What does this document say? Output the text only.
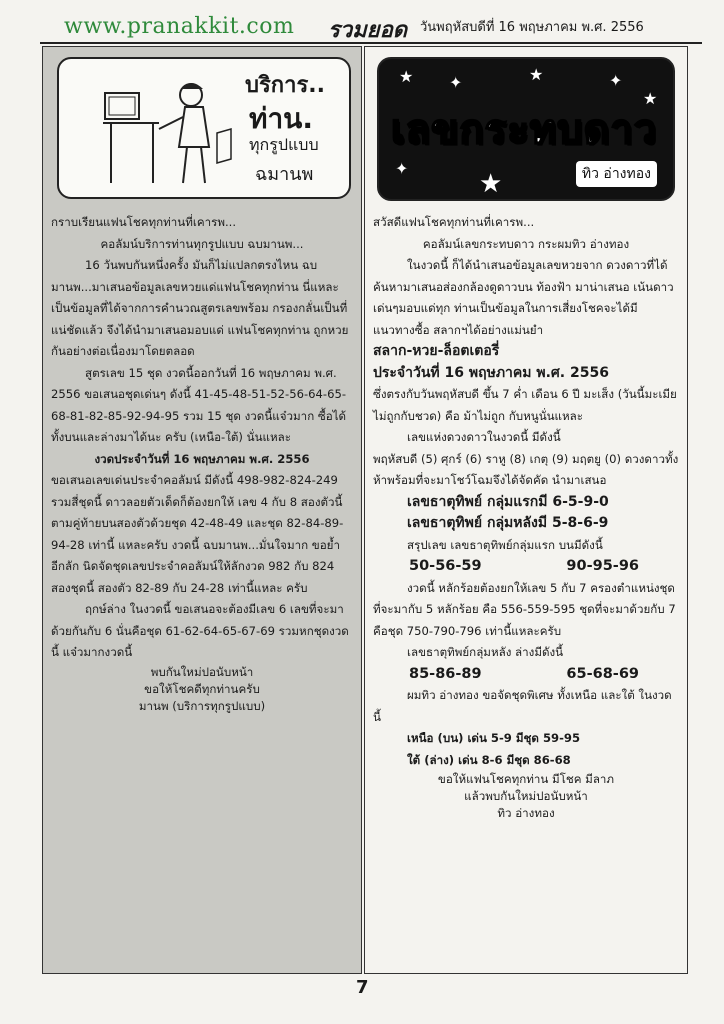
www.pranakkit.com รวมยอด วันพฤหัสบดีที่ 16 พฤษภาคม พ.ศ. 2556
บริการ..
ท่าน.
ทุกรูปแบบ
ฉมานพ

กราบเรียนแฟนโชคทุกท่านที่เคารพ...

คอลัมน์บริการท่านทุกรูปแบบ ฉบมานพ...

16 วันพบกันหนึ่งครั้ง มันก็ไม่แปลกตรงไหน ฉบมานพ...มาเสนอข้อมูลเลขหวยแด่แฟนโชคทุกท่าน นี่แหละเป็นข้อมูลที่ได้จากการคำนวณสูตรเลขพร้อม กรองกลั่นเป็นที่แน่ชัดแล้ว จึงได้นำมาเสนอมอบแด่ แฟนโชคทุกท่าน ถูกหวยกันอย่างต่อเนื่องมาโดยตลอด

สูตรเลข 15 ชุด งวดนี้ออกวันที่ 16 พฤษภาคม พ.ศ. 2556 ขอเสนอชุดเด่นๆ ดังนี้ 41-45-48-51-52-56-64-65-68-81-82-85-92-94-95 รวม 15 ชุด งวดนี้แจ๋วมาก ซื้อได้ทั้งบนและล่างมาได้นะ ครับ (เหนือ-ใต้) นั่นแหละ

งวดประจำวันที่ 16 พฤษภาคม พ.ศ. 2556

ขอเสนอเลขเด่นประจำคอลัมน์ มีดังนี้ 498-982-824-249 รวมสี่ชุดนี้ ดาวลอยตัวเด็ดก็ต้องยกให้ เลข 4 กับ 8 สองตัวนี้ ตามคู่ท้ายบนสองตัวด้วยชุด 42-48-49 และชุด 82-84-89-94-28 เท่านี้ แหละครับ งวดนี้ ฉบมานพ...มั่นใจมาก ขอย้ำอีกลัก นิดจัดชุดเลขประจำคอลัมน์ให้ลักงวด 982 กับ 824 สองชุดนี้ สองตัว 82-89 กับ 24-28 เท่านี้แหละ ครับ

ฤกษ์ล่าง ในงวดนี้ ขอเสนอจะต้องมีเลข 6 เลขที่จะมาด้วยกันกับ 6 นั่นคือชุด 61-62-64-65-67-69 รวมหกชุดงวดนี้ แจ๋วมากงวดนี้

พบกันใหม่ปอนับหน้า

ขอให้โชคดีทุกท่านครับ

มานพ (บริการทุกรูปแบบ)

★ ✦	★	✦
★
✦
★
เลขกระทบดาว
ทิว อ่างทอง

สวัสดีแฟนโชคทุกท่านที่เคารพ...

คอลัมน์เลขกระทบดาว กระผมทิว อ่างทอง

ในงวดนี้ ก็ได้นำเสนอข้อมูลเลขหวยจาก ดวงดาวที่ได้ค้นหามาเสนอส่องกล้องดูดาวบน ท้องฟ้า มาน่าเสนอ เน้นดาวเด่นๆมอบแด่ทุก ท่านเป็นข้อมูลในการเสี่ยงโชคจะได้มีแนวทางซื้อ สลากฯได้อย่างแม่นยำ

สลาก-หวย-ล็อตเตอรี่

ประจำวันที่ 16 พฤษภาคม พ.ศ. 2556

ซึ่งตรงกับวันพฤหัสบดี ขึ้น 7 ค่ำ เดือน 6 ปี มะเส็ง (วันนี้มะเมียไม่ถูกกับชวด) คือ ม้าไม่ถูก กับหนูนั่นแหละ

เลขแห่งดวงดาวในงวดนี้ มีดังนี้

พฤหัสบดี (5) ศุกร์ (6) ราหู (8) เกตุ (9) มฤตยู (0) ดวงดาวทั้งห้าพร้อมที่จะมาโชว์โฉมจึงได้จัดคัด นำมาเสนอ

เลขธาตุทิพย์ กลุ่มแรกมี 6-5-9-0

เลขธาตุทิพย์ กลุ่มหลังมี 5-8-6-9

สรุปเลข เลขธาตุทิพย์กลุ่มแรก บนมีดังนี้

50-56-59	90-95-96

งวดนี้ หลักร้อยต้องยกให้เลข 5 กับ 7 ครองตำแหน่งชุดที่จะมากับ 5 หลักร้อย คือ 556-559-595 ชุดที่จะมาด้วยกับ 7 คือชุด 750-790-796 เท่านี้แหละครับ

เลขธาตุทิพย์กลุ่มหลัง ล่างมีดังนี้

85-86-89	65-68-69

ผมทิว อ่างทอง ขอจัดชุดพิเศษ ทั้งเหนือ และใต้ ในงวดนี้

เหนือ (บน) เด่น 5-9 มีชุด 59-95

ใต้ (ล่าง) เด่น 8-6 มีชุด 86-68

ขอให้แฟนโชคทุกท่าน มีโชค มีลาภ

แล้วพบกันใหม่ปอนับหน้า

ทิว อ่างทอง

7
